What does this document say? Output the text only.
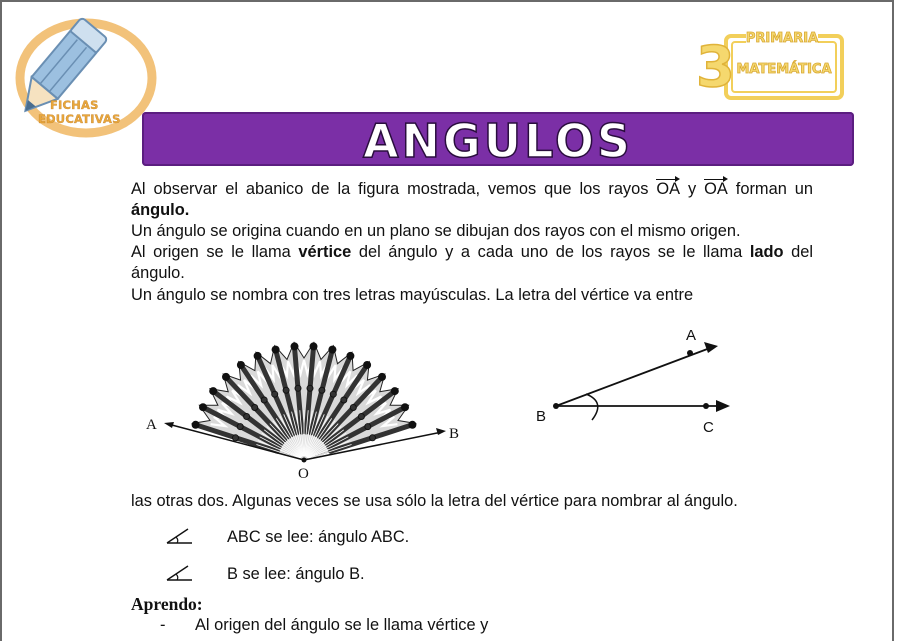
FICHAS
EDUCATIVAS
3 PRIMARIA
MATEMÁTICA
ANGULOS
Al observar el abanico de la figura mostrada, vemos que los rayos OA y OA forman un ángulo.
Un ángulo se origina cuando en un plano se dibujan dos rayos con el mismo origen.
Al origen se le llama vértice del ángulo y a cada uno de los rayos se le llama lado del ángulo.
Un ángulo se nombra con tres letras mayúsculas. La letra del vértice va entre
A
B
O
A
B
C
las otras dos. Algunas veces se usa sólo la letra del vértice para nombrar al ángulo.
ABC se lee: ángulo ABC.
B se lee: ángulo B.
Aprendo:
- Al origen del ángulo se le llama vértice y
